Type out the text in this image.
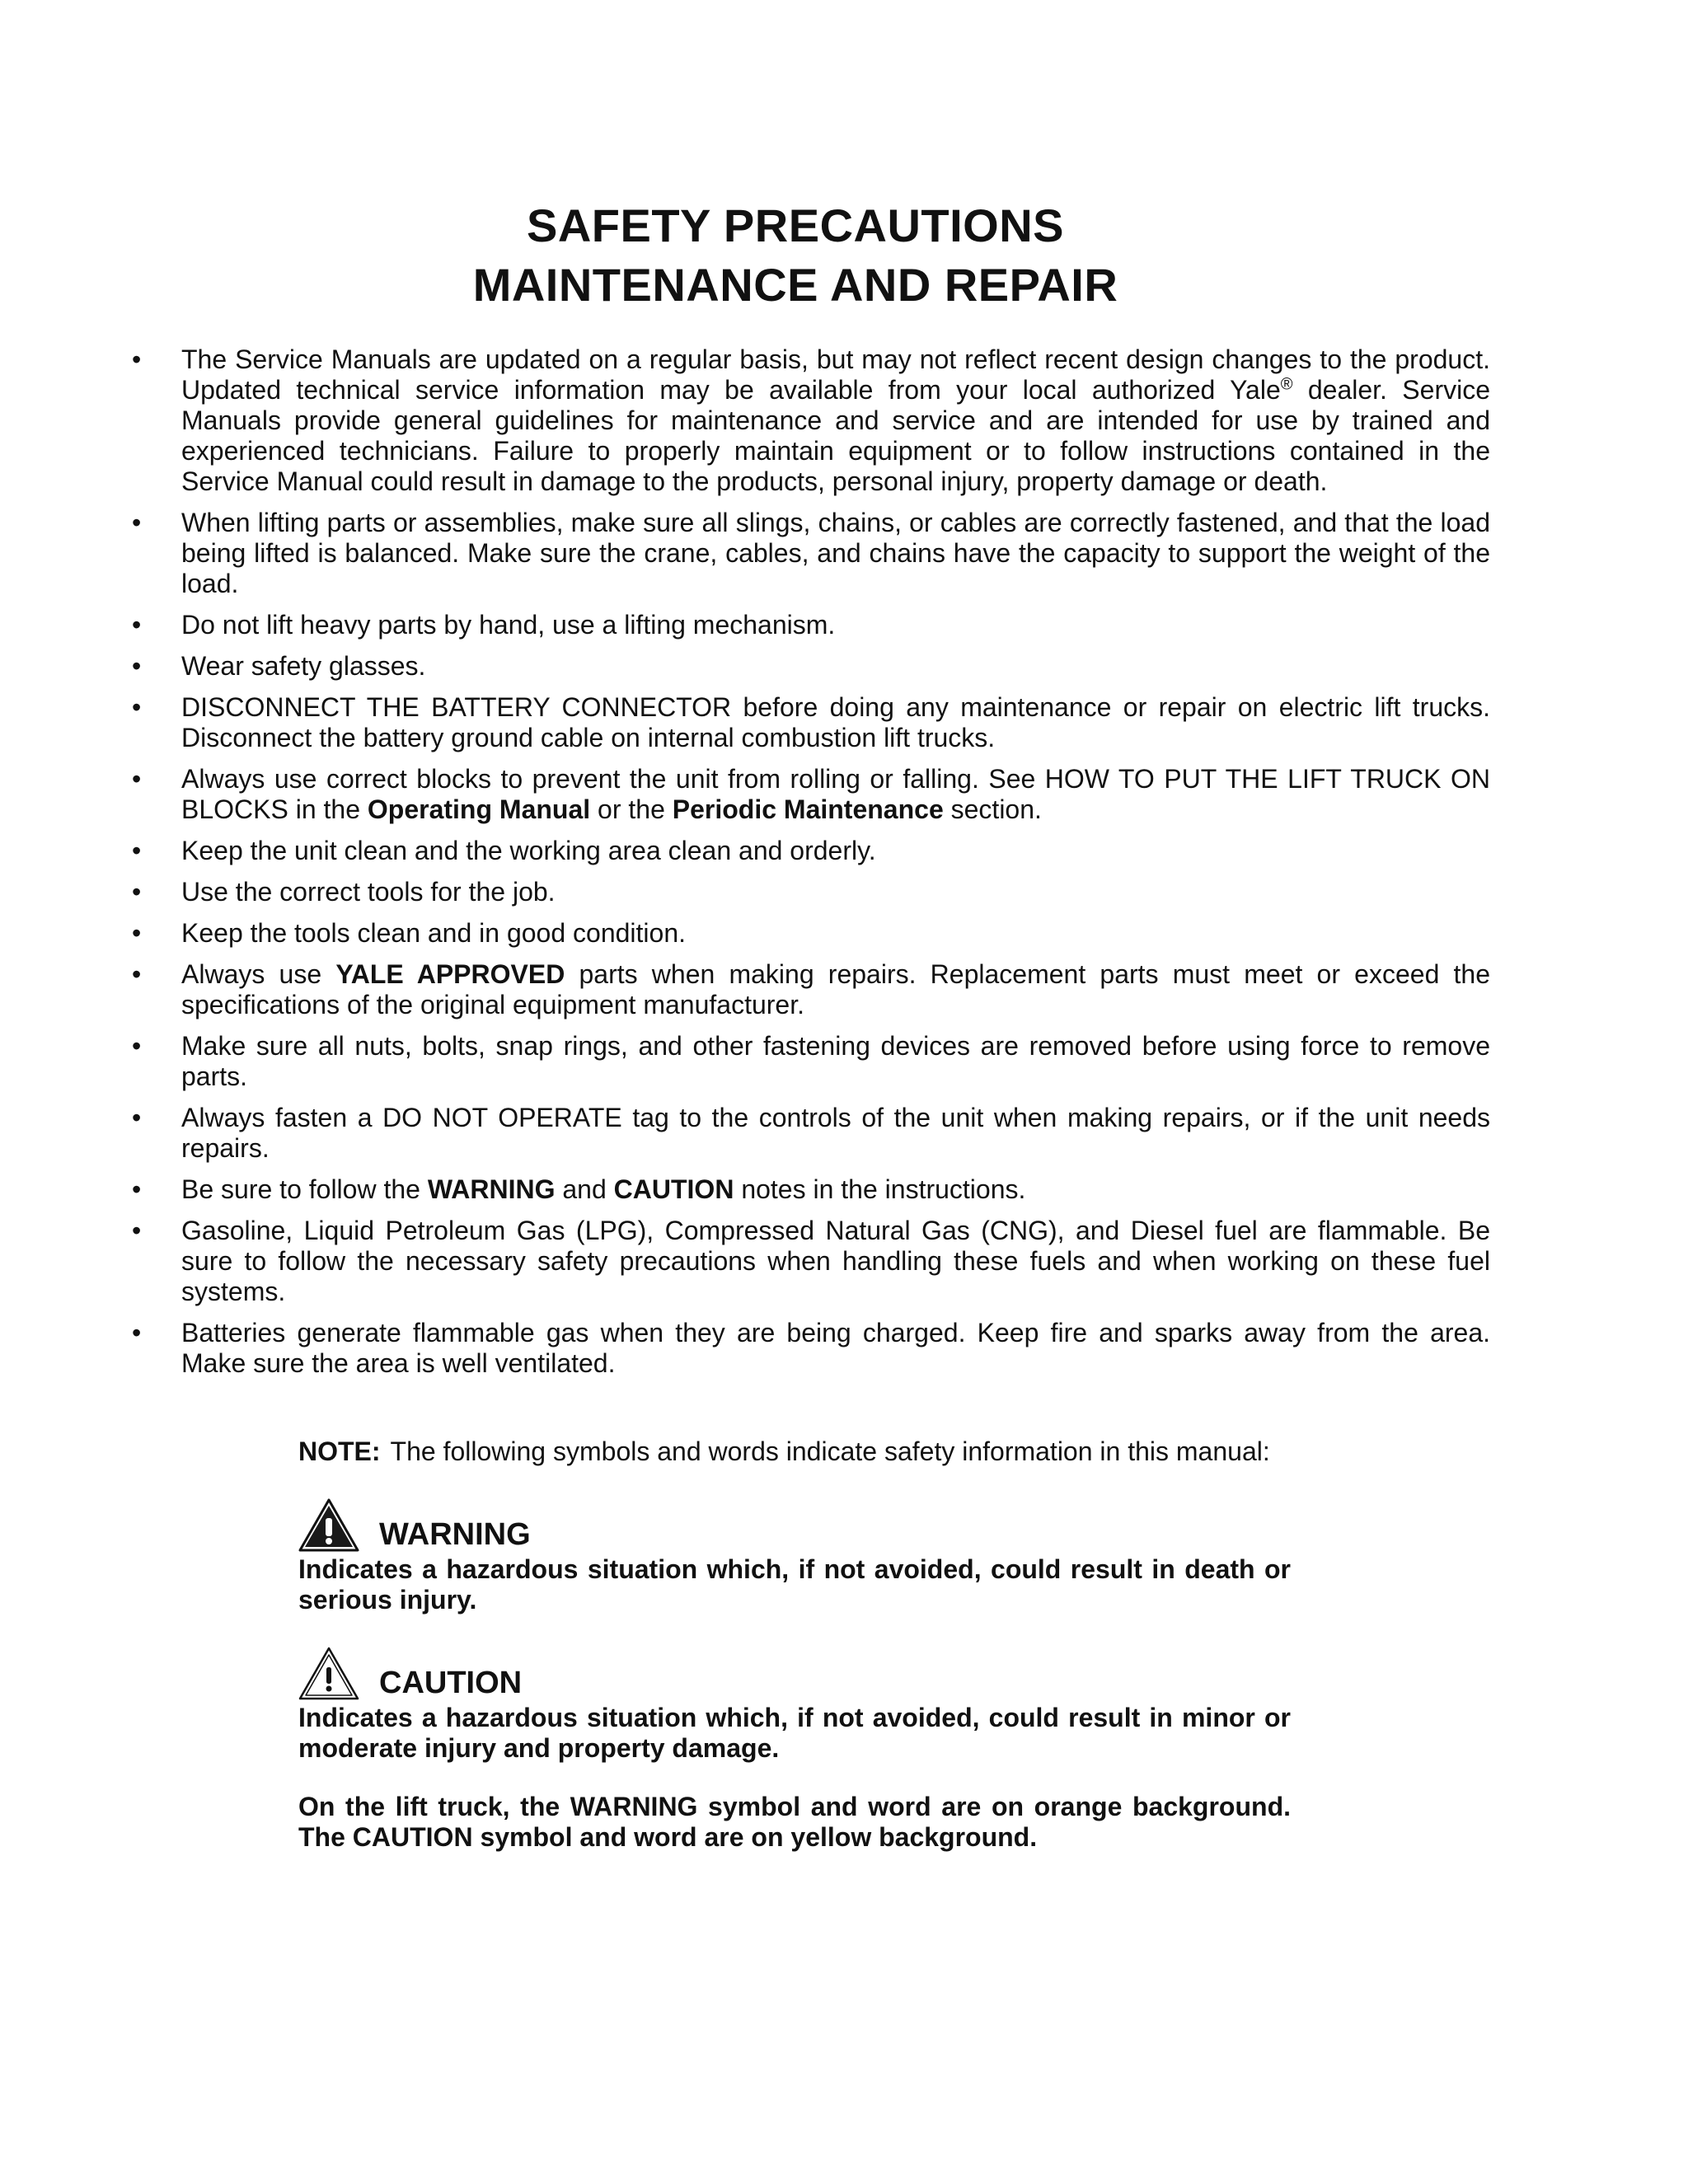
SAFETY PRECAUTIONS
MAINTENANCE AND REPAIR
• The Service Manuals are updated on a regular basis, but may not reflect recent design changes to the product. Updated technical service information may be available from your local authorized Yale® dealer. Service Manuals provide general guidelines for maintenance and service and are intended for use by trained and experienced technicians. Failure to properly maintain equipment or to follow instructions contained in the Service Manual could result in damage to the products, personal injury, property damage or death.
• When lifting parts or assemblies, make sure all slings, chains, or cables are correctly fastened, and that the load being lifted is balanced. Make sure the crane, cables, and chains have the capacity to support the weight of the load.
• Do not lift heavy parts by hand, use a lifting mechanism.
• Wear safety glasses.
• DISCONNECT THE BATTERY CONNECTOR before doing any maintenance or repair on electric lift trucks. Disconnect the battery ground cable on internal combustion lift trucks.
• Always use correct blocks to prevent the unit from rolling or falling. See HOW TO PUT THE LIFT TRUCK ON BLOCKS in the Operating Manual or the Periodic Maintenance section.
• Keep the unit clean and the working area clean and orderly.
• Use the correct tools for the job.
• Keep the tools clean and in good condition.
• Always use YALE APPROVED parts when making repairs. Replacement parts must meet or exceed the specifications of the original equipment manufacturer.
• Make sure all nuts, bolts, snap rings, and other fastening devices are removed before using force to remove parts.
• Always fasten a DO NOT OPERATE tag to the controls of the unit when making repairs, or if the unit needs repairs.
• Be sure to follow the WARNING and CAUTION notes in the instructions.
• Gasoline, Liquid Petroleum Gas (LPG), Compressed Natural Gas (CNG), and Diesel fuel are flammable. Be sure to follow the necessary safety precautions when handling these fuels and when working on these fuel systems.
• Batteries generate flammable gas when they are being charged. Keep fire and sparks away from the area. Make sure the area is well ventilated.

NOTE: The following symbols and words indicate safety information in this manual:

WARNING

Indicates a hazardous situation which, if not avoided, could result in death or serious injury.

CAUTION

Indicates a hazardous situation which, if not avoided, could result in minor or moderate injury and property damage.

On the lift truck, the WARNING symbol and word are on orange background. The CAUTION symbol and word are on yellow background.
